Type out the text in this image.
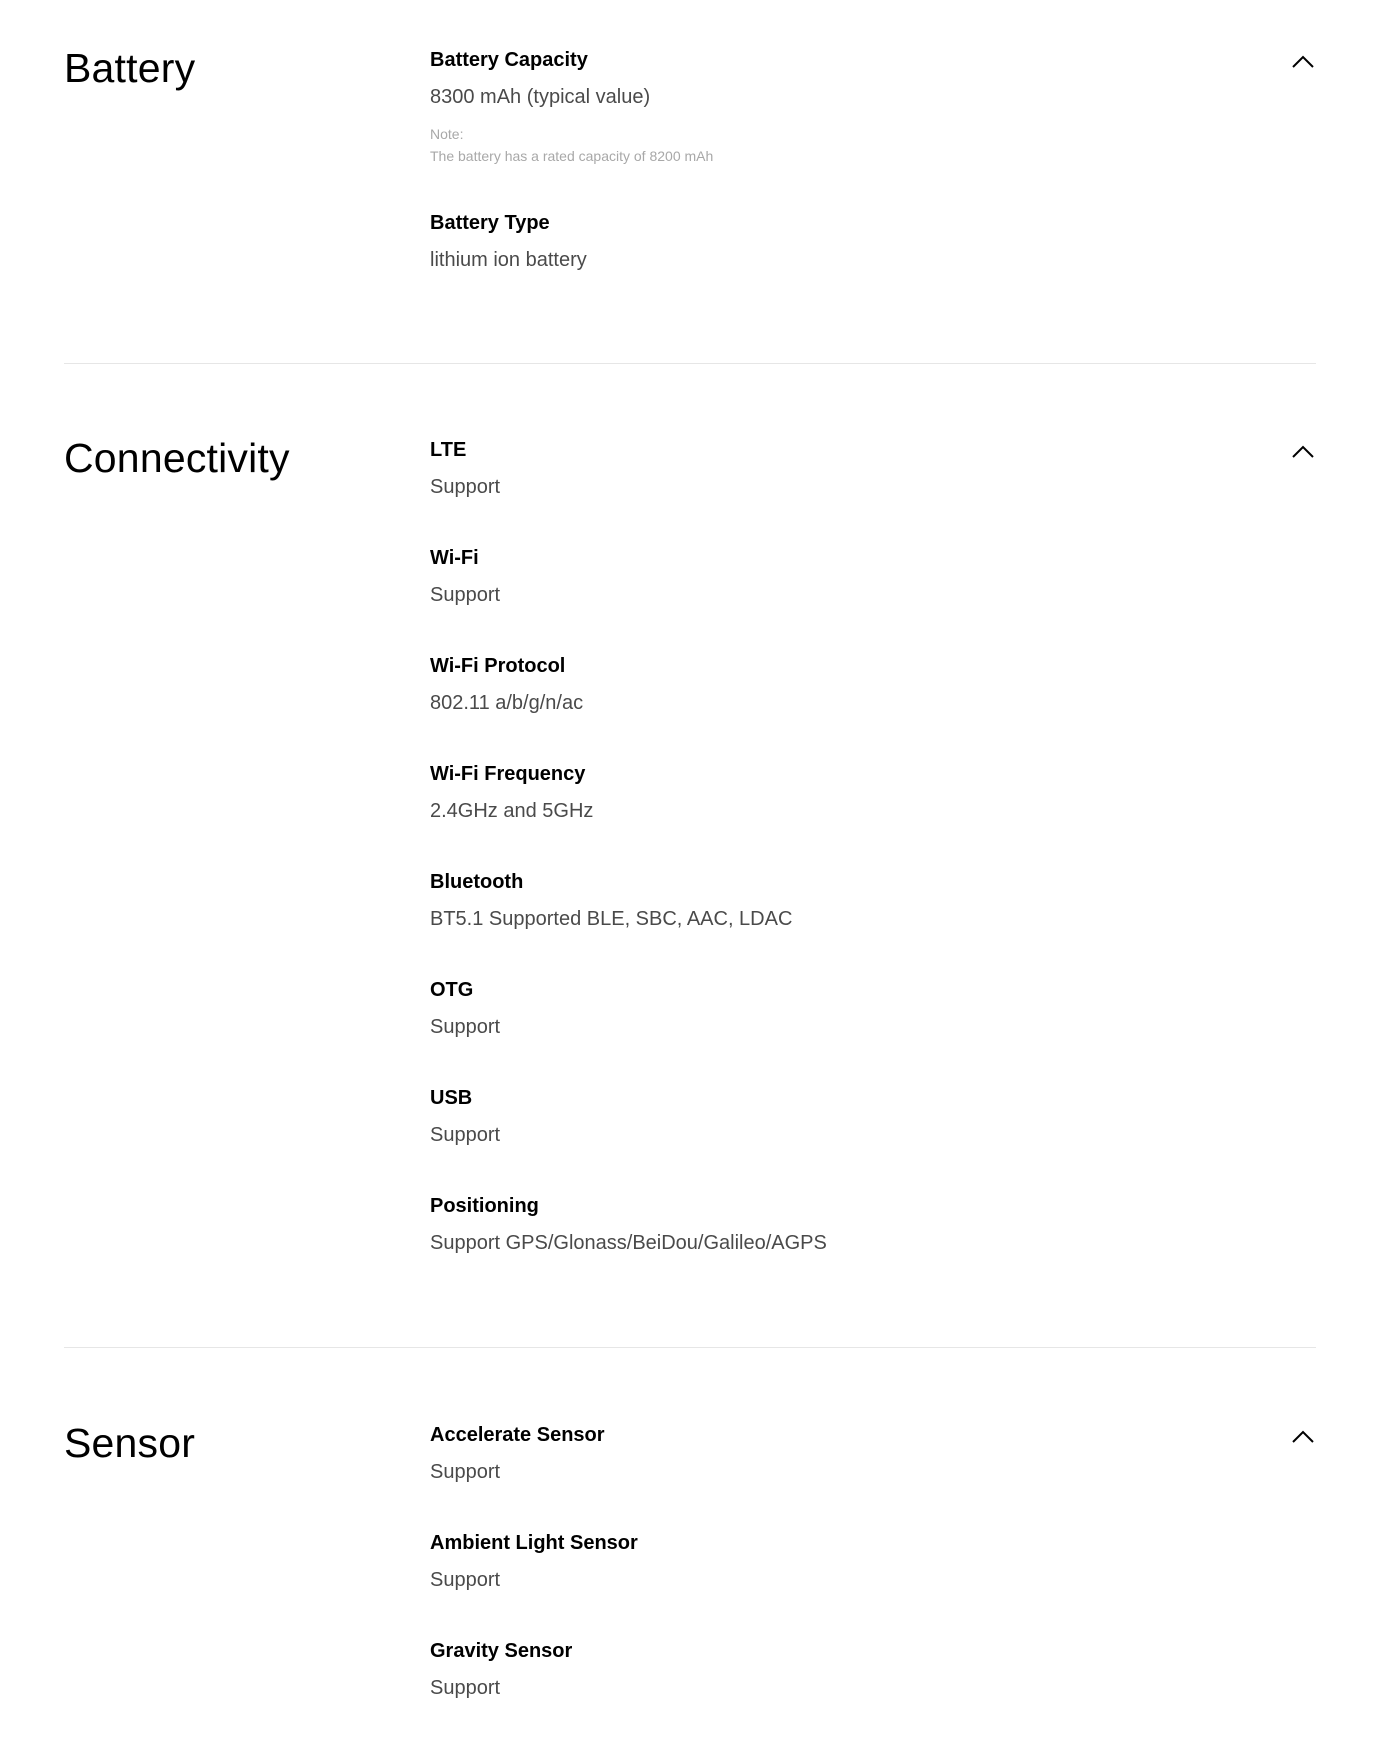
Battery	Battery Capacity
8300 mAh (typical value)
Note:
The battery has a rated capacity of 8200 mAh
Battery Type
lithium ion battery
Connectivity	LTE
Support
Wi-Fi
Support
Wi-Fi Protocol
802.11 a/b/g/n/ac
Wi-Fi Frequency
2.4GHz and 5GHz
Bluetooth
BT5.1 Supported BLE, SBC, AAC, LDAC
OTG
Support
USB
Support
Positioning
Support GPS/Glonass/BeiDou/Galileo/AGPS
Sensor	Accelerate Sensor
Support
Ambient Light Sensor
Support
Gravity Sensor
Support
